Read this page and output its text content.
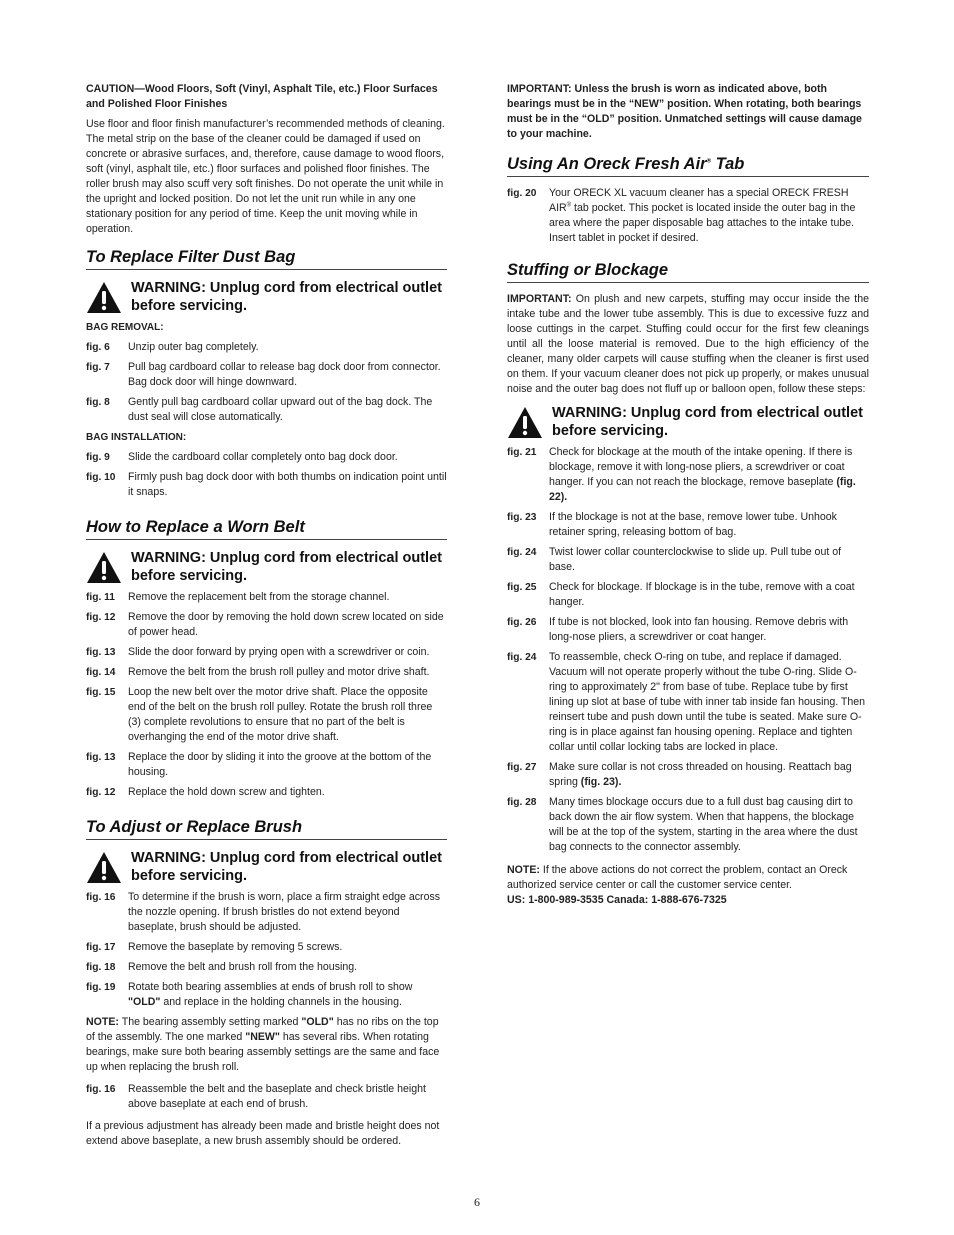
CAUTION—Wood Floors, Soft (Vinyl, Asphalt Tile, etc.) Floor Surfaces and Polished Floor Finishes

Use floor and floor finish manufacturer’s recommended methods of cleaning. The metal strip on the base of the cleaner could be damaged if used on concrete or abrasive surfaces, and, therefore, cause damage to wood floors, soft (vinyl, asphalt tile, etc.) floor surfaces and polished floor finishes. The roller brush may also scuff very soft finishes. Do not operate the unit while in the upright and locked position. Do not let the unit run while in any one stationary position for any period of time. Keep the unit moving while in operation.

To Replace Filter Dust Bag
WARNING: Unplug cord from electrical outlet before servicing.

BAG REMOVAL:

fig. 6	Unzip outer bag completely.
fig. 7	Pull bag cardboard collar to release bag dock door from connector. Bag dock door will hinge downward.
fig. 8	Gently pull bag cardboard collar upward out of the bag dock. The dust seal will close automatically.

BAG INSTALLATION:

fig. 9	Slide the cardboard collar completely onto bag dock door.
fig. 10	Firmly push bag dock door with both thumbs on indication point until it snaps.
How to Replace a Worn Belt
WARNING: Unplug cord from electrical outlet before servicing.
fig. 11	Remove the replacement belt from the storage channel.
fig. 12	Remove the door by removing the hold down screw located on side of power head.
fig. 13	Slide the door forward by prying open with a screwdriver or coin.
fig. 14	Remove the belt from the brush roll pulley and motor drive shaft.
fig. 15	Loop the new belt over the motor drive shaft. Place the opposite end of the belt on the brush roll pulley. Rotate the brush roll three (3) complete revolutions to ensure that no part of the belt is overhanging the end of the motor drive shaft.
fig. 13	Replace the door by sliding it into the groove at the bottom of the housing.
fig. 12	Replace the hold down screw and tighten.
To Adjust or Replace Brush
WARNING: Unplug cord from electrical outlet before servicing.
fig. 16	To determine if the brush is worn, place a firm straight edge across the nozzle opening. If brush bristles do not extend beyond baseplate, brush should be adjusted.
fig. 17	Remove the baseplate by removing 5 screws.
fig. 18	Remove the belt and brush roll from the housing.
fig. 19	Rotate both bearing assemblies at ends of brush roll to show "OLD" and replace in the holding channels in the housing.

NOTE: The bearing assembly setting marked "OLD" has no ribs on the top of the assembly. The one marked "NEW" has several ribs. When rotating bearings, make sure both bearing assembly settings are the same and face up when replacing the brush roll.

fig. 16	Reassemble the belt and the baseplate and check bristle height above baseplate at each end of brush.

If a previous adjustment has already been made and bristle height does not extend above baseplate, a new brush assembly should be ordered.

IMPORTANT: Unless the brush is worn as indicated above, both bearings must be in the “NEW” position. When rotating, both bearings must be in the “OLD” position. Unmatched settings will cause damage to your machine.

Using An Oreck Fresh Air® Tab
fig. 20	Your ORECK XL vacuum cleaner has a special ORECK FRESH AIR® tab pocket. This pocket is located inside the outer bag in the area where the paper disposable bag attaches to the intake tube. Insert tablet in pocket if desired.
Stuffing or Blockage

IMPORTANT: On plush and new carpets, stuffing may occur inside the the intake tube and the lower tube assembly. This is due to excessive fuzz and loose cuttings in the carpet. Stuffing could occur for the first few cleanings until all the loose material is removed. Due to the high efficiency of the cleaner, many older carpets will cause stuffing when the cleaner is first used on them. If your vacuum cleaner does not pick up properly, or makes unusual noise and the outer bag does not fluff up or balloon open, follow these steps:

WARNING: Unplug cord from electrical outlet before servicing.
fig. 21	Check for blockage at the mouth of the intake opening. If there is blockage, remove it with long-nose pliers, a screwdriver or coat hanger. If you can not reach the blockage, remove baseplate (fig. 22).
fig. 23	If the blockage is not at the base, remove lower tube. Unhook retainer spring, releasing bottom of bag.
fig. 24	Twist lower collar counterclockwise to slide up. Pull tube out of base.
fig. 25	Check for blockage. If blockage is in the tube, remove with a coat hanger.
fig. 26	If tube is not blocked, look into fan housing. Remove debris with long-nose pliers, a screwdriver or coat hanger.
fig. 24	To reassemble, check O-ring on tube, and replace if damaged. Vacuum will not operate properly without the tube O-ring. Slide O-ring to approximately 2" from base of tube. Replace tube by first lining up slot at base of tube with inner tab inside fan housing. Then reinsert tube and push down until the tube is seated. Make sure O-ring is in place against fan housing opening. Replace and tighten collar until collar locking tabs are locked in place.
fig. 27	Make sure collar is not cross threaded on housing. Reattach bag spring (fig. 23).
fig. 28	Many times blockage occurs due to a full dust bag causing dirt to back down the air flow system. When that happens, the blockage will be at the top of the system, starting in the area where the dust bag connects to the connector assembly.

NOTE: If the above actions do not correct the problem, contact an Oreck authorized service center or call the customer service center.

US: 1-800-989-3535 Canada: 1-888-676-7325

6
